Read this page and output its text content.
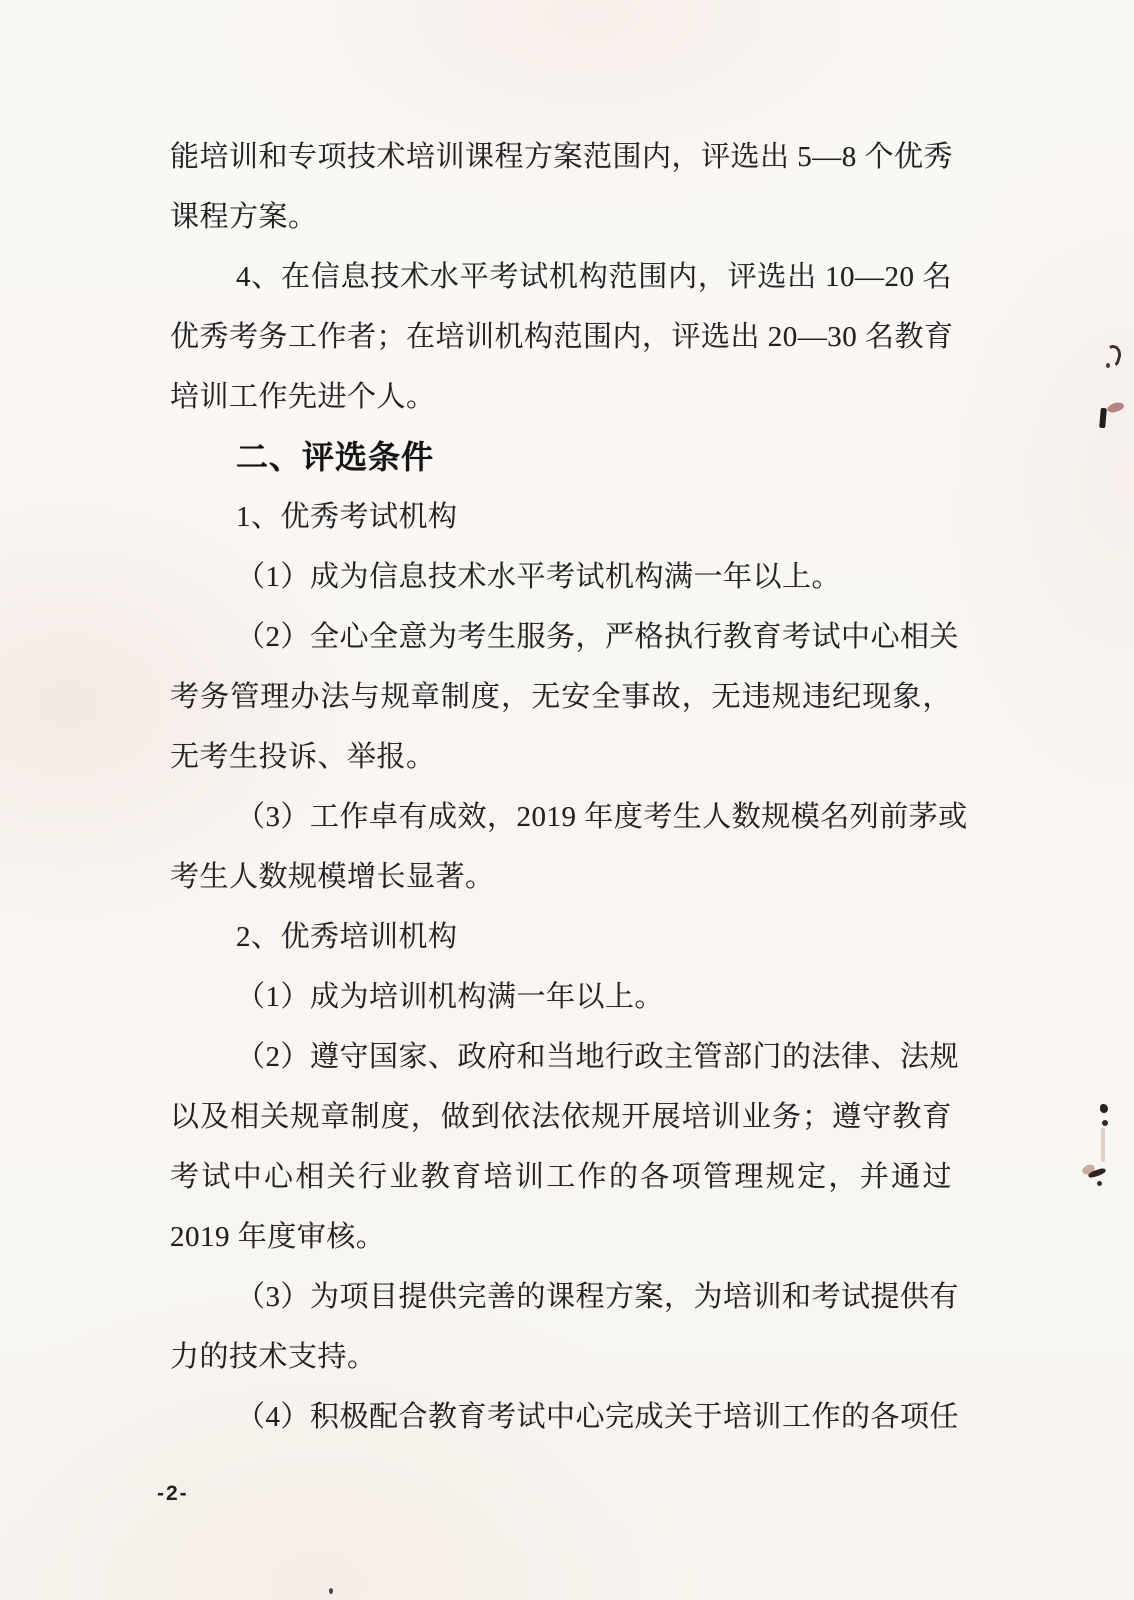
能培训和专项技术培训课程方案范围内，评选出 5—8 个优秀
课程方案。
4、在信息技术水平考试机构范围内，评选出 10—20 名
优秀考务工作者；在培训机构范围内，评选出 20—30 名教育
培训工作先进个人。
二、评选条件
1、优秀考试机构
（1）成为信息技术水平考试机构满一年以上。
（2）全心全意为考生服务，严格执行教育考试中心相关
考务管理办法与规章制度，无安全事故，无违规违纪现象，
无考生投诉、举报。
（3）工作卓有成效，2019 年度考生人数规模名列前茅或
考生人数规模增长显著。
2、优秀培训机构
（1）成为培训机构满一年以上。
（2）遵守国家、政府和当地行政主管部门的法律、法规
以及相关规章制度，做到依法依规开展培训业务；遵守教育
考试中心相关行业教育培训工作的各项管理规定，并通过
2019 年度审核。
（3）为项目提供完善的课程方案，为培训和考试提供有
力的技术支持。
（4）积极配合教育考试中心完成关于培训工作的各项任
-2-
